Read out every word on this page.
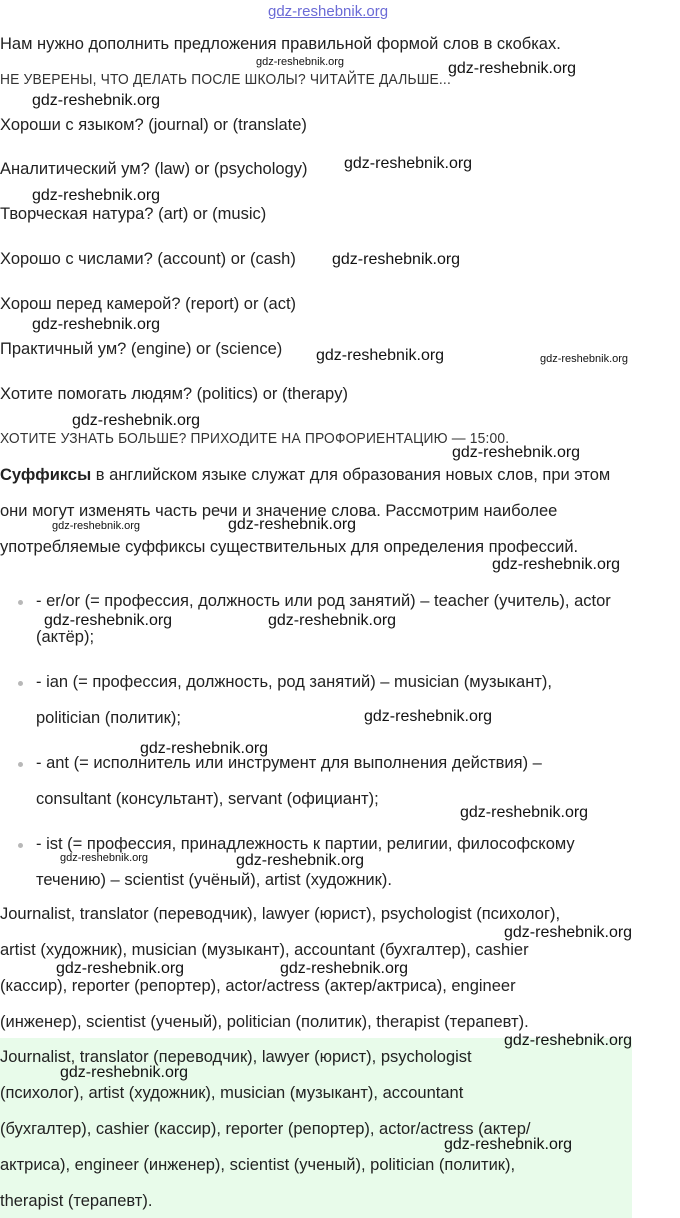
gdz-reshebnik.org
Нам нужно дополнить предложения правильной формой слов в скобках.
НЕ УВЕРЕНЫ, ЧТО ДЕЛАТЬ ПОСЛЕ ШКОЛЫ? ЧИТАЙТЕ ДАЛЬШЕ...
Хороши с языком? (journal) or (translate)
Аналитический ум? (law) or (psychology)
Творческая натура? (art) or (music)
Хорошо с числами? (account) or (cash)
Хорош перед камерой? (report) or (act)
Практичный ум? (engine) or (science)
Хотите помогать людям? (politics) or (therapy)
ХОТИТЕ УЗНАТЬ БОЛЬШЕ? ПРИХОДИТЕ НА ПРОФОРИЕНТАЦИЮ — 15:00.
Суффиксы в английском языке служат для образования новых слов, при этом
они могут изменять часть речи и значение слова. Рассмотрим наиболее
употребляемые суффиксы существительных для определения профессий.
- er/or (= профессия, должность или род занятий) – teacher (учитель), actor
(актёр);
- ian (= профессия, должность, род занятий) – musician (музыкант),
politician (политик);
- ant (= исполнитель или инструмент для выполнения действия) –
consultant (консультант), servant (официант);
- ist (= профессия, принадлежность к партии, религии, философскому
течению) – scientist (учёный), artist (художник).
Journalist, translator (переводчик), lawyer (юрист), psychologist (психолог),
artist (художник), musician (музыкант), accountant (бухгалтер), cashier
(кассир), reporter (репортер), actor/actress (актер/актриса), engineer
(инженер), scientist (ученый), politician (политик), therapist (терапевт).
Journalist, translator (переводчик), lawyer (юрист), psychologist
(психолог), artist (художник), musician (музыкант), accountant
(бухгалтер), cashier (кассир), reporter (репортер), actor/actress (актер/
актриса), engineer (инженер), scientist (ученый), politician (политик),
therapist (терапевт).
gdz-reshebnik.org	gdz-reshebnik.org
gdz-reshebnik.org
gdz-reshebnik.org
gdz-reshebnik.org
gdz-reshebnik.org
gdz-reshebnik.org
gdz-reshebnik.org	gdz-reshebnik.org
gdz-reshebnik.org
gdz-reshebnik.org
gdz-reshebnik.org	gdz-reshebnik.org
gdz-reshebnik.org
gdz-reshebnik.org	gdz-reshebnik.org
gdz-reshebnik.org
gdz-reshebnik.org
gdz-reshebnik.org
gdz-reshebnik.org	gdz-reshebnik.org
gdz-reshebnik.org
gdz-reshebnik.org	gdz-reshebnik.org
gdz-reshebnik.org
gdz-reshebnik.org
gdz-reshebnik.org
